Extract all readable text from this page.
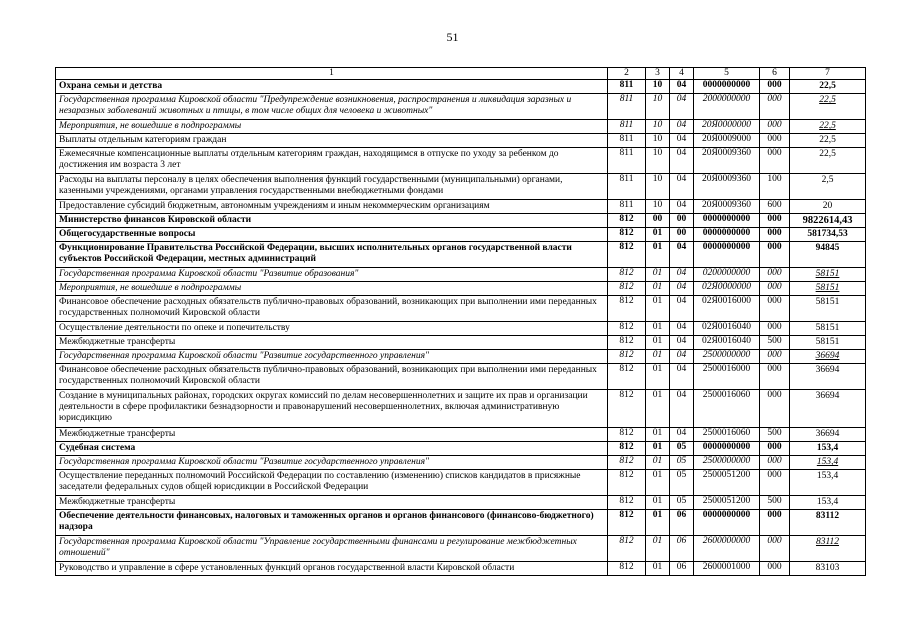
51
1	2	3	4	5	6	7
Охрана семьи и детства	811	10	04	0000000000	000	22,5
Государственная программа Кировской области "Предупреждение возникновения, распространения и ликвидация заразных и незаразных заболеваний животных и птицы, в том числе общих для человека и животных"	811	10	04	2000000000	000	22,5
Мероприятия, не вошедшие в подпрограммы	811	10	04	20Я0000000	000	22,5
Выплаты отдельным категориям граждан	811	10	04	20Я0009000	000	22,5
Ежемесячные компенсационные выплаты отдельным категориям граждан, находящимся в отпуске по уходу за ребенком до достижения им возраста 3 лет	811	10	04	20Я0009360	000	22,5
Расходы на выплаты персоналу в целях обеспечения выполнения функций государственными (муниципальными) органами, казенными учреждениями, органами управления государственными внебюджетными фондами	811	10	04	20Я0009360	100	2,5
Предоставление субсидий бюджетным, автономным учреждениям и иным некоммерческим организациям	811	10	04	20Я0009360	600	20
Министерство финансов Кировской области	812	00	00	0000000000	000	9822614,43
Общегосударственные вопросы	812	01	00	0000000000	000	581734,53
Функционирование Правительства Российской Федерации, высших исполнительных органов государственной власти субъектов Российской Федерации, местных администраций	812	01	04	0000000000	000	94845
Государственная программа Кировской области "Развитие образования"	812	01	04	0200000000	000	58151
Мероприятия, не вошедшие в подпрограммы	812	01	04	02Я0000000	000	58151
Финансовое обеспечение расходных обязательств публично-правовых образований, возникающих при выполнении ими переданных государственных полномочий Кировской области	812	01	04	02Я0016000	000	58151
Осуществление деятельности по опеке и попечительству	812	01	04	02Я0016040	000	58151
Межбюджетные трансферты	812	01	04	02Я0016040	500	58151
Государственная программа Кировской области "Развитие государственного управления"	812	01	04	2500000000	000	36694
Финансовое обеспечение расходных обязательств публично-правовых образований, возникающих при выполнении ими переданных государственных полномочий Кировской области	812	01	04	2500016000	000	36694
Создание в муниципальных районах, городских округах комиссий по делам несовершеннолетних и защите их прав и организации деятельности в сфере профилактики безнадзорности и правонарушений несовершеннолетних, включая административную юрисдикцию	812	01	04	2500016060	000	36694
Межбюджетные трансферты	812	01	04	2500016060	500	36694
Судебная система	812	01	05	0000000000	000	153,4
Государственная программа Кировской области "Развитие государственного управления"	812	01	05	2500000000	000	153,4
Осуществление переданных полномочий Российской Федерации по составлению (изменению) списков кандидатов в присяжные заседатели федеральных судов общей юрисдикции в Российской Федерации	812	01	05	2500051200	000	153,4
Межбюджетные трансферты	812	01	05	2500051200	500	153,4
Обеспечение деятельности финансовых, налоговых и таможенных органов и органов финансового (финансово-бюджетного) надзора	812	01	06	0000000000	000	83112
Государственная программа Кировской области "Управление государственными финансами и регулирование межбюджетных отношений"	812	01	06	2600000000	000	83112
Руководство и управление в сфере установленных функций органов государственной власти Кировской области	812	01	06	2600001000	000	83103
